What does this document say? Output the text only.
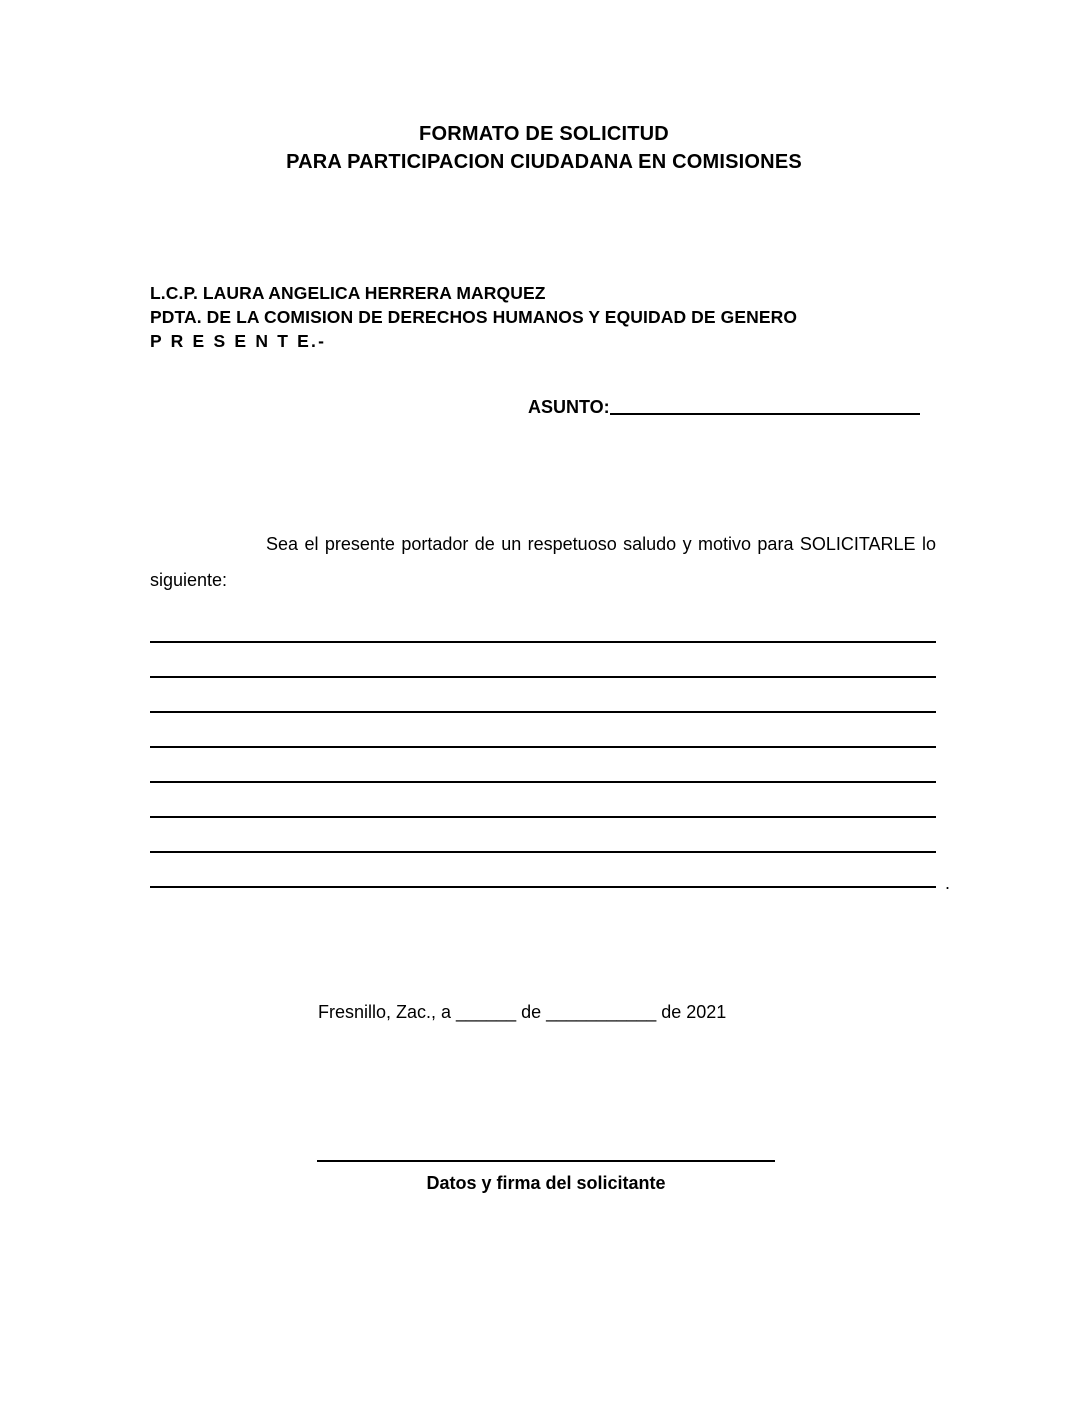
FORMATO DE SOLICITUD
PARA PARTICIPACION CIUDADANA EN COMISIONES
L.C.P. LAURA ANGELICA HERRERA MARQUEZ
PDTA. DE LA COMISION DE DERECHOS HUMANOS Y EQUIDAD DE GENERO
P R E S E N T E.-
ASUNTO:
Sea el presente portador de un respetuoso saludo y motivo para SOLICITARLE lo siguiente:
.
Fresnillo, Zac., a ______ de ___________ de 2021
Datos y firma del solicitante
